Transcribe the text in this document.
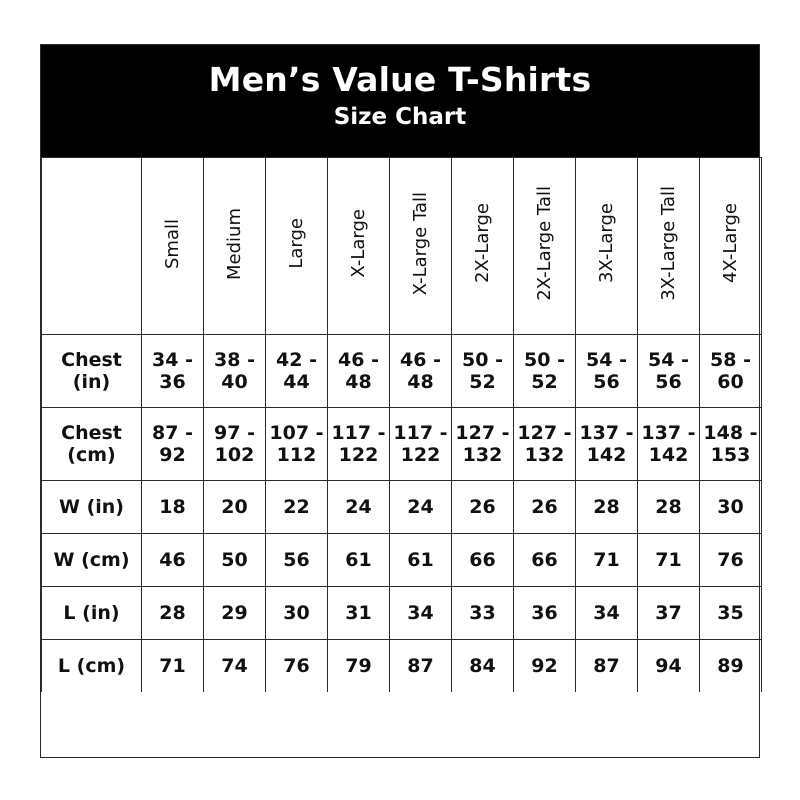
Men’s Value T-Shirts
Size Chart
	Small	Medium	Large	X-Large	X-Large Tall	2X-Large	2X-Large Tall	3X-Large	3X-Large Tall	4X-Large
Chest (in)	34 - 36	38 - 40	42 - 44	46 - 48	46 - 48	50 - 52	50 - 52	54 - 56	54 - 56	58 - 60
Chest (cm)	87 - 92	97 - 102	107 - 112	117 - 122	117 - 122	127 - 132	127 - 132	137 - 142	137 - 142	148 - 153
W (in)	18	20	22	24	24	26	26	28	28	30
W (cm)	46	50	56	61	61	66	66	71	71	76
L (in)	28	29	30	31	34	33	36	34	37	35
L (cm)	71	74	76	79	87	84	92	87	94	89
